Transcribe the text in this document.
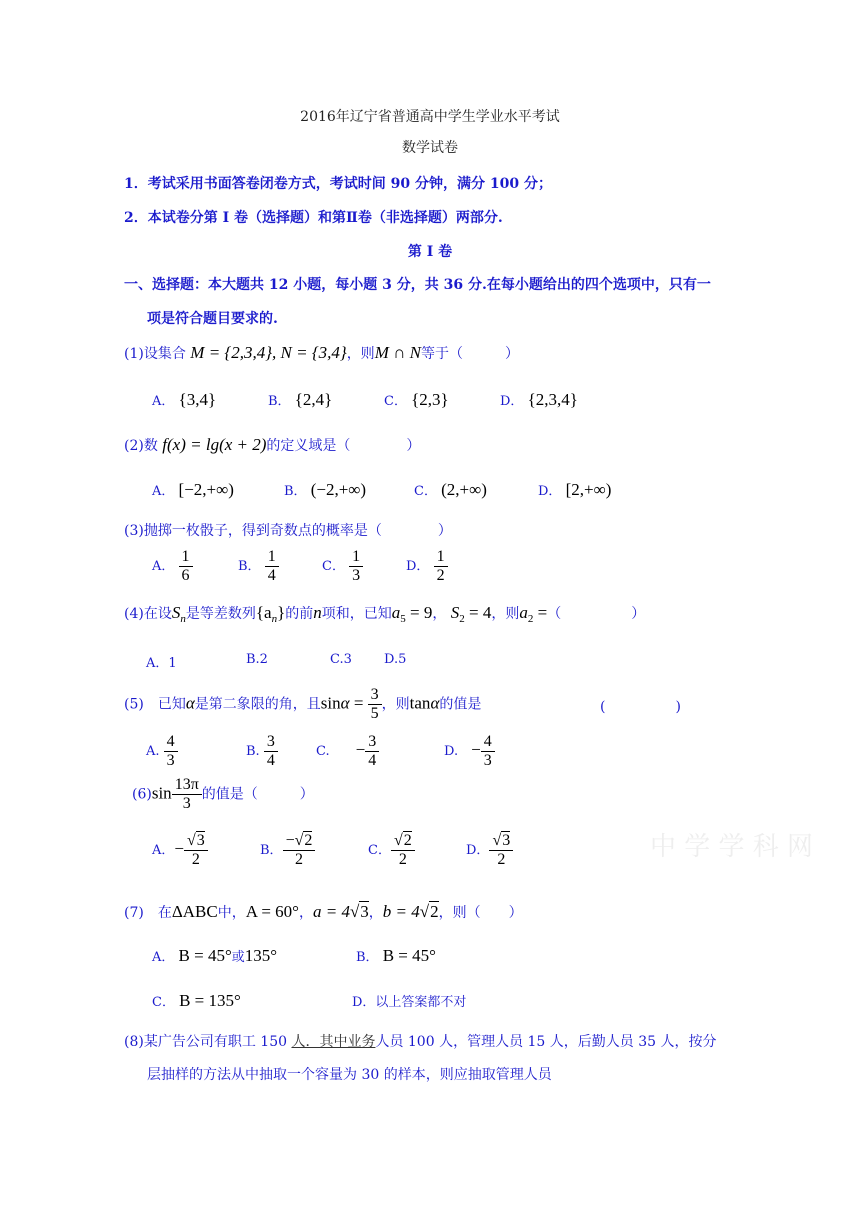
2016年辽宁省普通高中学生学业水平考试
数学试卷
1．考试采用书面答卷闭卷方式，考试时间 90 分钟，满分 100 分；
2．本试卷分第 I 卷（选择题）和第Ⅱ卷（非选择题）两部分.
第 I 卷
一、选择题：本大题共 12 小题，每小题 3 分，共 36 分.在每小题给出的四个选项中，只有一
项是符合题目要求的.
(1)设集合 M = {2,3,4}, N = {3,4}，则M ∩ N等于（　　　）
A． {3,4}	B． {2,4}	C． {2,3}	D． {2,3,4}
(2)数 f(x) = lg(x + 2)的定义域是（　　　　）
A． [−2,+∞)	B． (−2,+∞)	C． (2,+∞)	D． [2,+∞)
(3)抛掷一枚骰子，得到奇数点的概率是（　　　　）
A． $\frac{1}{6}$	B． $\frac{1}{4}$	C． $\frac{1}{3}$	D． $\frac{1}{2}$
(4)在设$S_n$是等差数列$\{a_n\}$的前n项和，已知$a_5 = 9$， $S_2 = 4$，则$a_2$ =（　　　　　）
A．1	B.2	C.3 D.5
(5)　已知α是第二象限的角，且$\sin\alpha = \frac{3}{5}$ ，则tanα的值是	(　　　　　)
A. $\frac{4}{3}$	B. $\frac{3}{4}$	C.　　 − $\frac{3}{4}$	D.　 − $\frac{4}{3}$
$(6)\sin \frac{13\pi}{3}$ 的值是（　　　）
A．− $\frac{√3}{2}$	B． $\frac{-√2}{2}$	C． $\frac{√2}{2}$	D． $\frac{√3}{2}$	中 学 学 科 网
(7)　在ΔABC中，A = 60°，a = 4√3，b = 4√2，则（　　）
A． B = 45°或135°	B． B = 45°
C． B = 135°	D．以上答案都不对
(8)某广告公司有职工 150 人．其中业务人员 100 人，管理人员 15 人，后勤人员 35 人，按分
层抽样的方法从中抽取一个容量为 30 的样本，则应抽取管理人员
